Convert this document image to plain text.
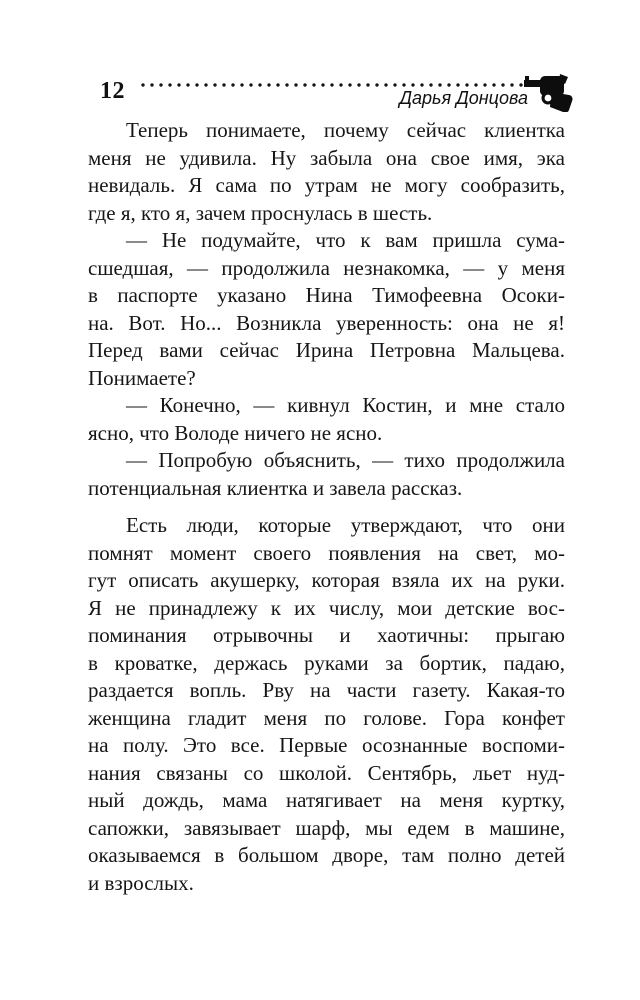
12	Дарья Донцова
Теперь понимаете, почему сейчас клиентка
меня не удивила. Ну забыла она свое имя, эка
невидаль. Я сама по утрам не могу сообразить,
где я, кто я, зачем проснулась в шесть.
— Не подумайте, что к вам пришла сума-
сшедшая, — продолжила незнакомка, — у меня
в паспорте указано Нина Тимофеевна Осоки-
на. Вот. Но... Возникла уверенность: она не я!
Перед вами сейчас Ирина Петровна Мальцева.
Понимаете?
— Конечно, — кивнул Костин, и мне стало
ясно, что Володе ничего не ясно.
— Попробую объяснить, — тихо продолжила
потенциальная клиентка и завела рассказ.
Есть люди, которые утверждают, что они
помнят момент своего появления на свет, мо-
гут описать акушерку, которая взяла их на руки.
Я не принадлежу к их числу, мои детские вос-
поминания отрывочны и хаотичны: прыгаю
в кроватке, держась руками за бортик, падаю,
раздается вопль. Рву на части газету. Какая-то
женщина гладит меня по голове. Гора конфет
на полу. Это все. Первые осознанные воспоми-
нания связаны со школой. Сентябрь, льет нуд-
ный дождь, мама натягивает на меня куртку,
сапожки, завязывает шарф, мы едем в машине,
оказываемся в большом дворе, там полно детей
и взрослых.
